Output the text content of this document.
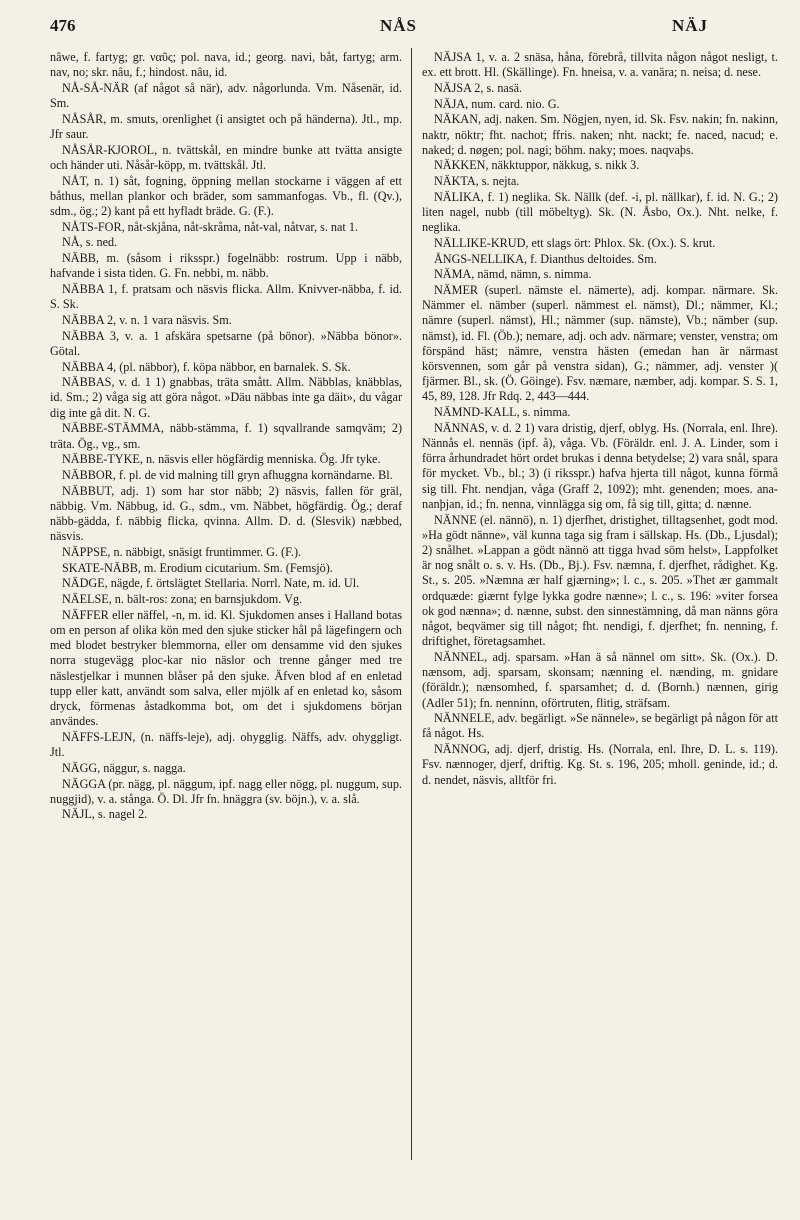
476	NÅS	NÄJ

nâwe, f. fartyg; gr. ναῦς; pol. nava, id.; georg. navi, båt, fartyg; arm. nav, no; skr. nâu, f.; hindost. nâu, id.

NÅ-SÅ-NÄR (af något så när), adv. någorlunda. Vm. Nåsenär, id. Sm.

NÅSÅR, m. smuts, orenlighet (i ansigtet och på händerna). Jtl., mp. Jfr saur.

NÅSÅR-KJOROL, n. tvättskål, en mindre bunke att tvätta ansigte och händer uti. Nåsår-köpp, m. tvättskål. Jtl.

NÅT, n. 1) såt, fogning, öppning mellan stockarne i väggen af ett båthus, mellan plankor och bräder, som sammanfogas. Vb., fl. (Qv.), sdm., ög.; 2) kant på ett hyfladt bräde. G. (F.).

NÅTS-FOR, nåt-skjåna, nåt-skråma, nåt-val, nåtvar, s. nat 1.

NÅ, s. ned.

NÄBB, m. (såsom i riksspr.) fogelnäbb: rostrum. Upp i näbb, hafvande i sista tiden. G. Fn. nebbi, m. näbb.

NÄBBA 1, f. pratsam och näsvis flicka. Allm. Knivver-näbba, f. id. S. Sk.

NÄBBA 2, v. n. 1 vara näsvis. Sm.

NÄBBA 3, v. a. 1 afskära spetsarne (på bönor). »Näbba bönor». Götal.

NÄBBA 4, (pl. näbbor), f. köpa näbbor, en barnalek. S. Sk.

NÄBBAS, v. d. 1 1) gnabbas, träta smått. Allm. Näbblas, knäbblas, id. Sm.; 2) våga sig att göra något. »Däu näbbas inte ga däit», du vågar dig inte gå dit. N. G.

NÄBBE-STÄMMA, näbb-stämma, f. 1) sqvallrande samqväm; 2) träta. Ög., vg., sm.

NÄBBE-TYKE, n. näsvis eller högfärdig menniska. Ög. Jfr tyke.

NÄBBOR, f. pl. de vid malning till gryn afhuggna kornändarne. Bl.

NÄBBUT, adj. 1) som har stor näbb; 2) näsvis, fallen för gräl, näbbig. Vm. Näbbug, id. G., sdm., vm. Näbbet, högfärdig. Ög.; deraf näbb-gädda, f. näbbig flicka, qvinna. Allm. D. d. (Slesvik) næbbed, näsvis.

NÄPPSE, n. näbbigt, snäsigt fruntimmer. G. (F.).

SKATE-NÄBB, m. Erodium cicutarium. Sm. (Femsjö).

NÄDGE, nägde, f. örtslägtet Stellaria. Norrl. Nate, m. id. Ul.

NÄELSE, n. bält-ros: zona; en barnsjukdom. Vg.

NÄFFER eller näffel, -n, m. id. Kl. Sjukdomen anses i Halland botas om en person af olika kön med den sjuke sticker hål på lägefingern och med blodet bestryker blemmorna, eller om densamme vid den sjukes norra stugevägg ploc-kar nio näslor och trenne gånger med tre näslestjelkar i munnen blåser på den sjuke. Äfven blod af en enletad tupp eller katt, användt som salva, eller mjölk af en enletad ko, såsom dryck, förmenas åstadkomma bot, om det i sjukdomens början användes.

NÄFFS-LEJN, (n. näffs-leje), adj. ohygglig. Näffs, adv. ohyggligt. Jtl.

NÄGG, näggur, s. nagga.

NÄGGA (pr. nägg, pl. näggum, ipf. nagg eller nögg, pl. nuggum, sup. nuggjid), v. a. stånga. Ö. Dl. Jfr fn. hnäggra (sv. böjn.), v. a. slå.

NÄJL, s. nagel 2.

NÄJSA 1, v. a. 2 snäsa, håna, förebrå, tillvita någon något nesligt, t. ex. ett brott. Hl. (Skällinge). Fn. hneisa, v. a. vanära; n. neisa; d. nese.

NÄJSA 2, s. nasä.

NÄJA, num. card. nio. G.

NÄKAN, adj. naken. Sm. Nögjen, nyen, id. Sk. Fsv. nakin; fn. nakinn, naktr, nöktr; fht. nachot; ffris. naken; nht. nackt; fe. naced, nacud; e. naked; d. nøgen; pol. nagi; böhm. naky; moes. naqvaþs.

NÄKKEN, näkktuppor, näkkug, s. nikk 3.

NÄKTA, s. nejta.

NÄLIKA, f. 1) neglika. Sk. Nällk (def. -i, pl. nällkar), f. id. N. G.; 2) liten nagel, nubb (till möbeltyg). Sk. (N. Åsbo, Ox.). Nht. nelke, f. neglika.

NÄLLIKE-KRUD, ett slags ört: Phlox. Sk. (Ox.). S. krut.

ÅNGS-NELLIKA, f. Dianthus deltoides. Sm.

NÄMA, nämd, nämn, s. nimma.

NÄMER (superl. nämste el. nämerte), adj. kompar. närmare. Sk. Nämmer el. nämber (superl. nämmest el. nämst), Dl.; nämmer, Kl.; nämre (superl. nämst), Hl.; nämmer (sup. nämste), Vb.; nämber (sup. nämst), id. Fl. (Öb.); nemare, adj. och adv. närmare; venster, venstra; om förspänd häst; nämre, venstra hästen (emedan han är närmast körsvennen, som går på venstra sidan), G.; nämmer, adj. venster )( fjärmer. Bl., sk. (Ö. Göinge). Fsv. næmare, næmber, adj. kompar. S. S. 1, 45, 89, 128. Jfr Rdq. 2, 443—444.

NÄMND-KALL, s. nimma.

NÄNNAS, v. d. 2 1) vara dristig, djerf, oblyg. Hs. (Norrala, enl. Ihre). Nännås el. nennäs (ipf. å), våga. Vb. (Föräldr. enl. J. A. Linder, som i förra århundradet hört ordet brukas i denna betydelse; 2) vara snål, spara för mycket. Vb., bl.; 3) (i riksspr.) hafva hjerta till något, kunna förmå sig till. Fht. nendjan, våga (Graff 2, 1092); mht. genenden; moes. ana-nanþjan, id.; fn. nenna, vinnlägga sig om, få sig till, gitta; d. nænne.

NÄNNE (el. nännö), n. 1) djerfhet, dristighet, tilltagsenhet, godt mod. »Ha gödt nänne», väl kunna taga sig fram i sällskap. Hs. (Db., Ljusdal); 2) snålhet. »Lappan a gödt nännö att tigga hvad söm helst», Lappfolket är nog snålt o. s. v. Hs. (Db., Bj.). Fsv. næmna, f. djerfhet, rådighet. Kg. St., s. 205. »Næmna ær half gjærning»; l. c., s. 205. »Thet ær gammalt ordquæde: giærnt fylge lykka godre nænne»; l. c., s. 196: »viter forsea ok god nænna»; d. nænne, subst. den sinnestämning, då man nänns göra något, beqvämer sig till något; fht. nendigi, f. djerfhet; fn. nenning, f. driftighet, företagsamhet.

NÄNNEL, adj. sparsam. »Han ä så nännel om sitt». Sk. (Ox.). D. nænsom, adj. sparsam, skonsam; nænning el. nænding, m. gnidare (föräldr.); nænsomhed, f. sparsamhet; d. d. (Bornh.) nænnen, girig (Adler 51); fn. nenninn, oförtruten, flitig, sträfsam.

NÄNNELE, adv. begärligt. »Se nännele», se begärligt på någon för att få något. Hs.

NÄNNOG, adj. djerf, dristig. Hs. (Norrala, enl. Ihre, D. L. s. 119). Fsv. nænnoger, djerf, driftig. Kg. St. s. 196, 205; mholl. geninde, id.; d. d. nendet, näsvis, alltför fri.
